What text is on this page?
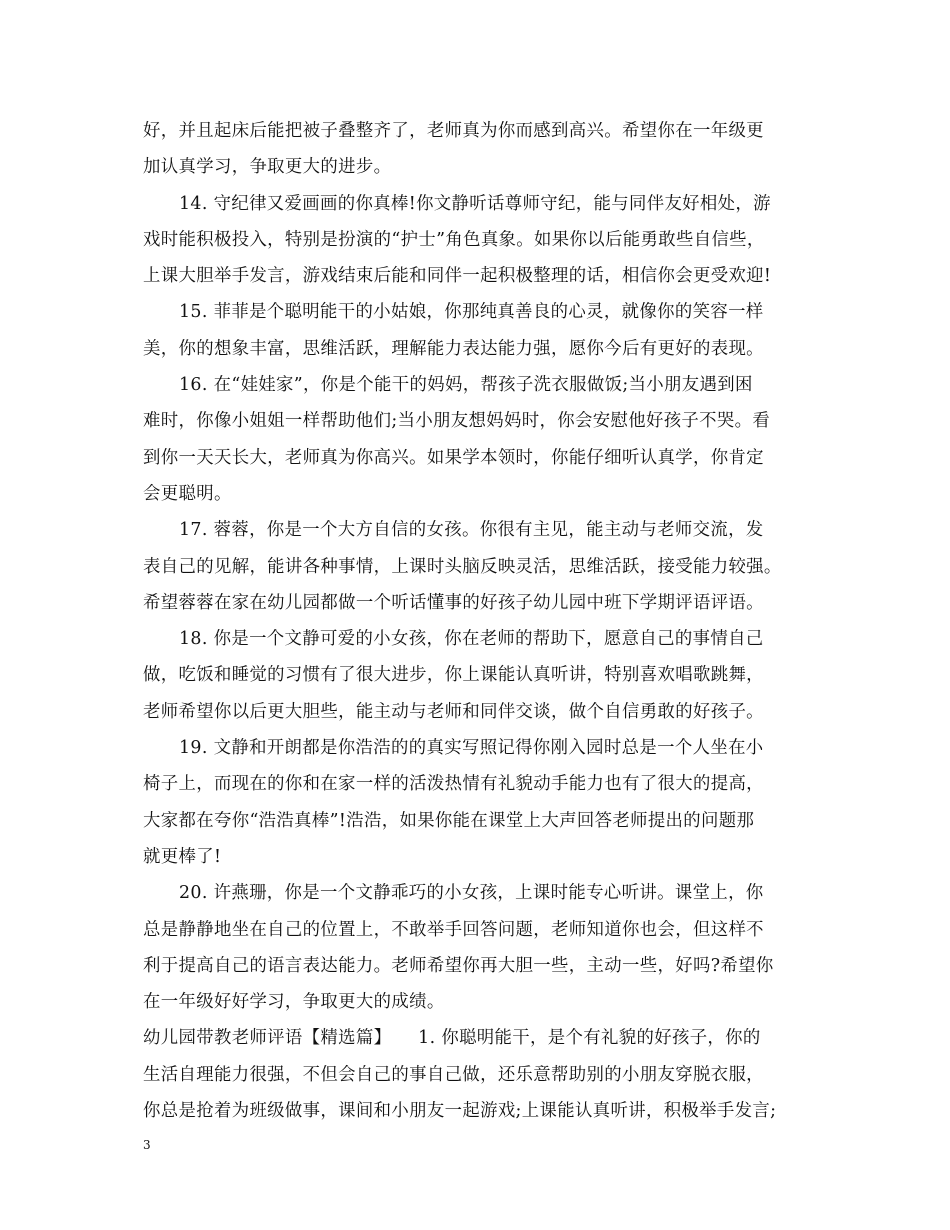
好，并且起床后能把被子叠整齐了，老师真为你而感到高兴。希望你在一年级更
加认真学习，争取更大的进步。
14. 守纪律又爱画画的你真棒!你文静听话尊师守纪，能与同伴友好相处，游
戏时能积极投入，特别是扮演的“护士”角色真象。如果你以后能勇敢些自信些，
上课大胆举手发言，游戏结束后能和同伴一起积极整理的话，相信你会更受欢迎!
15. 菲菲是个聪明能干的小姑娘，你那纯真善良的心灵，就像你的笑容一样
美，你的想象丰富，思维活跃，理解能力表达能力强，愿你今后有更好的表现。
16. 在“娃娃家”，你是个能干的妈妈，帮孩子洗衣服做饭;当小朋友遇到困
难时，你像小姐姐一样帮助他们;当小朋友想妈妈时，你会安慰他好孩子不哭。看
到你一天天长大，老师真为你高兴。如果学本领时，你能仔细听认真学，你肯定
会更聪明。
17. 蓉蓉，你是一个大方自信的女孩。你很有主见，能主动与老师交流，发
表自己的见解，能讲各种事情，上课时头脑反映灵活，思维活跃，接受能力较强。
希望蓉蓉在家在幼儿园都做一个听话懂事的好孩子幼儿园中班下学期评语评语。
18. 你是一个文静可爱的小女孩，你在老师的帮助下，愿意自己的事情自己
做，吃饭和睡觉的习惯有了很大进步，你上课能认真听讲，特别喜欢唱歌跳舞，
老师希望你以后更大胆些，能主动与老师和同伴交谈，做个自信勇敢的好孩子。
19. 文静和开朗都是你浩浩的的真实写照记得你刚入园时总是一个人坐在小
椅子上，而现在的你和在家一样的活泼热情有礼貌动手能力也有了很大的提高，
大家都在夸你“浩浩真棒”!浩浩，如果你能在课堂上大声回答老师提出的问题那
就更棒了!
20. 许燕珊，你是一个文静乖巧的小女孩，上课时能专心听讲。课堂上，你
总是静静地坐在自己的位置上，不敢举手回答问题，老师知道你也会，但这样不
利于提高自己的语言表达能力。老师希望你再大胆一些，主动一些，好吗?希望你
在一年级好好学习，争取更大的成绩。
幼儿园带教老师评语【精选篇】　　1. 你聪明能干，是个有礼貌的好孩子，你的
生活自理能力很强，不但会自己的事自己做，还乐意帮助别的小朋友穿脱衣服，
你总是抢着为班级做事，课间和小朋友一起游戏;上课能认真听讲，积极举手发言;
3
